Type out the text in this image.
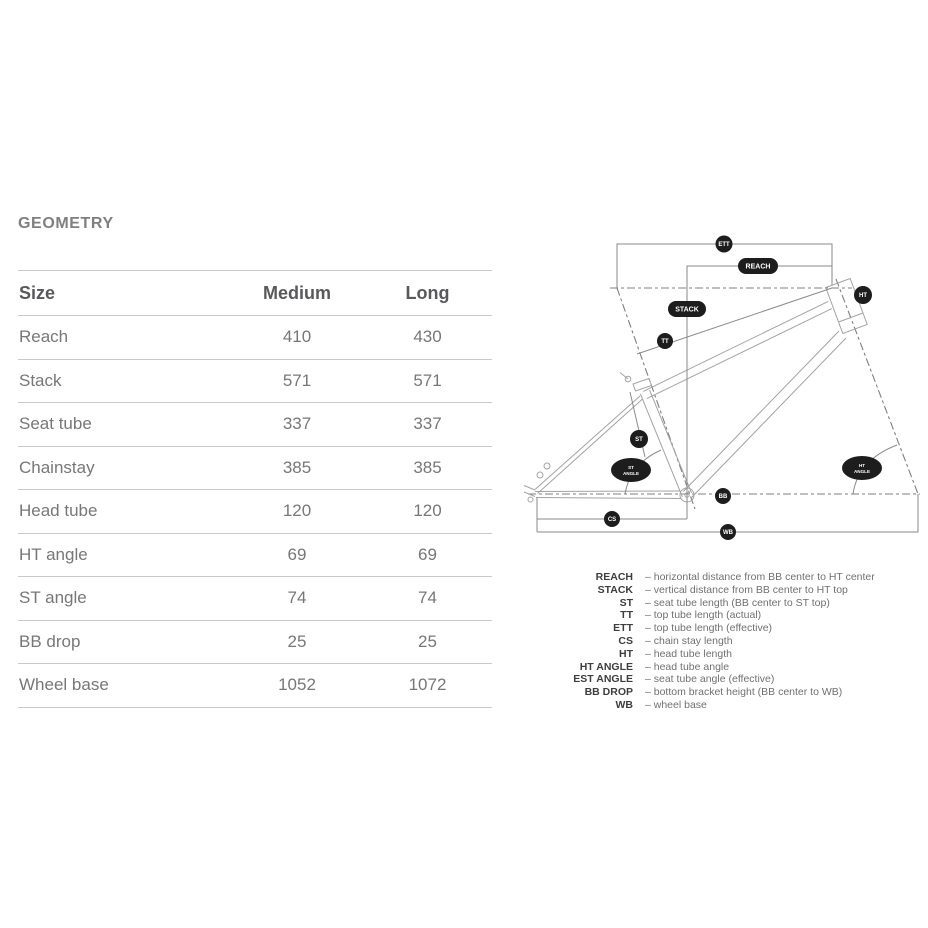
GEOMETRY
Size	Medium	Long
Reach	410	430
Stack	571	571
Seat tube	337	337
Chainstay	385	385
Head tube	120	120
HT angle	69	69
ST angle	74	74
BB drop	25	25
Wheel base	1052	1072
ETT
REACH
STACK
TT
HT
ST
ST
ANGLE
BB
HT
ANGLE
CS
WB
REACH	– horizontal distance from BB center to HT center
STACK	– vertical distance from BB center to HT top
ST	– seat tube length (BB center to ST top)
TT	– top tube length (actual)
ETT	– top tube length (effective)
CS	– chain stay length
HT	– head tube length
HT ANGLE	– head tube angle
EST ANGLE	– seat tube angle (effective)
BB DROP	– bottom bracket height (BB center to WB)
WB	– wheel base
